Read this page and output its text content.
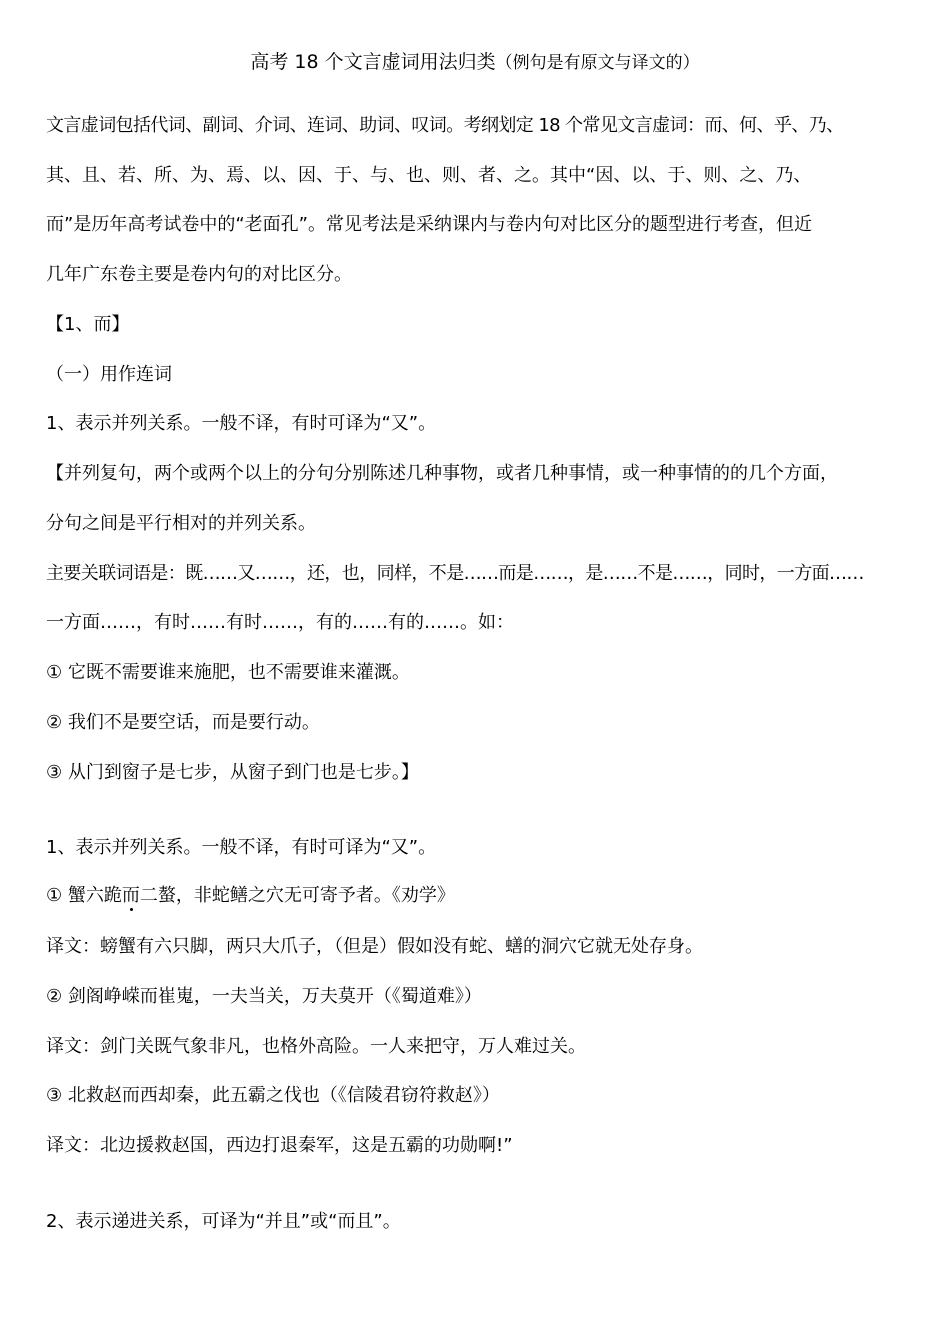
高考 18 个文言虚词用法归类（例句是有原文与译文的）
文言虚词包括代词、副词、介词、连词、助词、叹词。考纲划定 18 个常见文言虚词：而、何、乎、乃、
其、且、若、所、为、焉、以、因、于、与、也、则、者、之。其中“因、以、于、则、之、乃、
而”是历年高考试卷中的“老面孔”。常见考法是采纳课内与卷内句对比区分的题型进行考查，但近
几年广东卷主要是卷内句的对比区分。
【1、而】
（一）用作连词
1、表示并列关系。一般不译，有时可译为“又”。
【并列复句，两个或两个以上的分句分别陈述几种事物，或者几种事情，或一种事情的的几个方面，
分句之间是平行相对的并列关系。
主要关联词语是：既……又……，还，也，同样，不是……而是……，是……不是……，同时，一方面……
一方面……，有时……有时……，有的……有的……。如：
① 它既不需要谁来施肥，也不需要谁来灌溉。
② 我们不是要空话，而是要行动。
③ 从门到窗子是七步，从窗子到门也是七步。】
1、表示并列关系。一般不译，有时可译为“又”。
① 蟹六跪而二螯，非蛇鳝之穴无可寄予者。《劝学》
译文：螃蟹有六只脚，两只大爪子，（但是）假如没有蛇、蟮的洞穴它就无处存身。
② 剑阁峥嵘而崔嵬，一夫当关，万夫莫开（《蜀道难》）
译文：剑门关既气象非凡，也格外高险。一人来把守，万人难过关。
③ 北救赵而西却秦，此五霸之伐也（《信陵君窃符救赵》）
译文：北边援救赵国，西边打退秦军，这是五霸的功勋啊!”
2、表示递进关系，可译为“并且”或“而且”。
